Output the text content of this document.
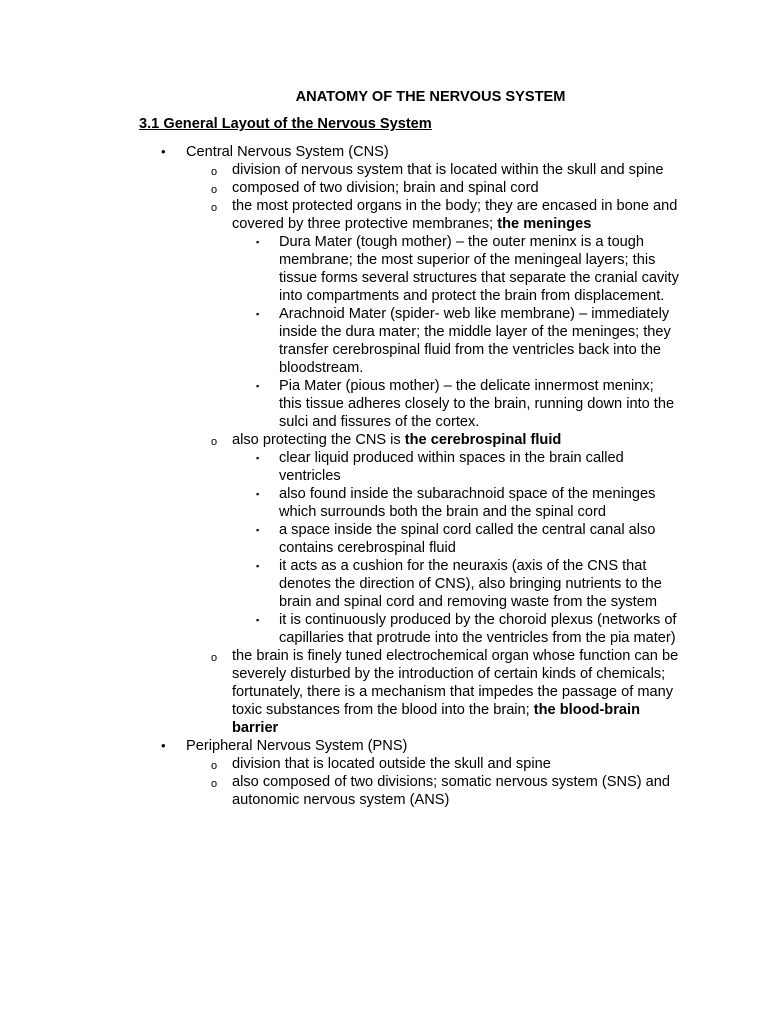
ANATOMY OF THE NERVOUS SYSTEM
3.1 General Layout of the Nervous System
• Central Nervous System (CNS)
o division of nervous system that is located within the skull and spine
o composed of two division; brain and spinal cord
o the most protected organs in the body; they are encased in bone and covered by three protective membranes; the meninges
▪ Dura Mater (tough mother) – the outer meninx is a tough membrane; the most superior of the meningeal layers; this tissue forms several structures that separate the cranial cavity into compartments and protect the brain from displacement.
▪ Arachnoid Mater (spider- web like membrane) – immediately inside the dura mater; the middle layer of the meninges; they transfer cerebrospinal fluid from the ventricles back into the bloodstream.
▪ Pia Mater (pious mother) – the delicate innermost meninx; this tissue adheres closely to the brain, running down into the sulci and fissures of the cortex.
o also protecting the CNS is the cerebrospinal fluid
▪ clear liquid produced within spaces in the brain called ventricles
▪ also found inside the subarachnoid space of the meninges which surrounds both the brain and the spinal cord
▪ a space inside the spinal cord called the central canal also contains cerebrospinal fluid
▪ it acts as a cushion for the neuraxis (axis of the CNS that denotes the direction of CNS), also bringing nutrients to the brain and spinal cord and removing waste from the system
▪ it is continuously produced by the choroid plexus (networks of capillaries that protrude into the ventricles from the pia mater)
o the brain is finely tuned electrochemical organ whose function can be severely disturbed by the introduction of certain kinds of chemicals; fortunately, there is a mechanism that impedes the passage of many toxic substances from the blood into the brain; the blood-brain barrier
• Peripheral Nervous System (PNS)
o division that is located outside the skull and spine
o also composed of two divisions; somatic nervous system (SNS) and autonomic nervous system (ANS)
